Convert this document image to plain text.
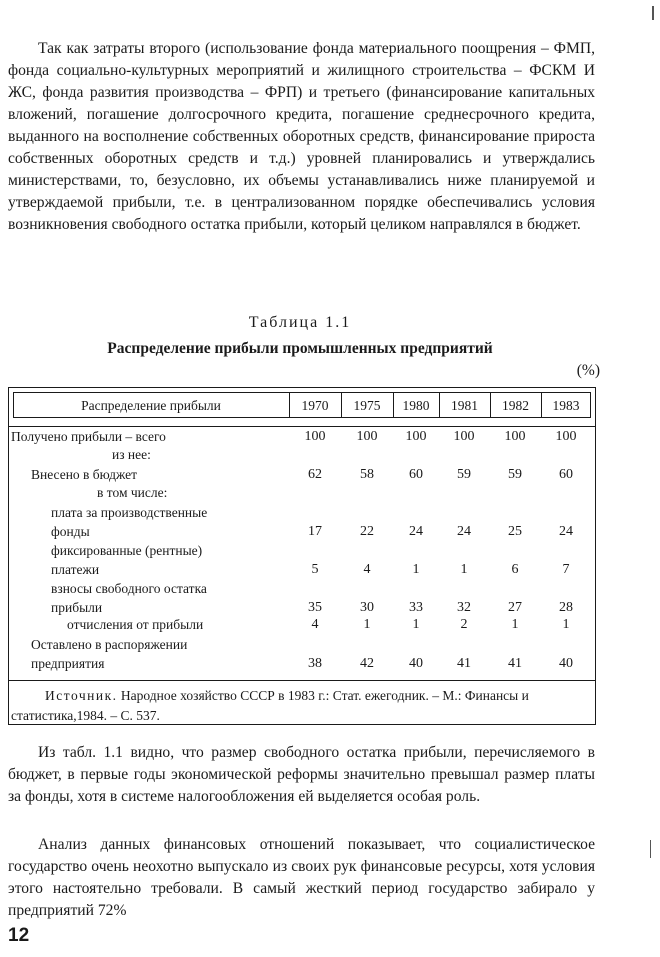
Так как затраты второго (использование фонда материального поощрения – ФМП, фонда социально-культурных мероприятий и жилищного строительства – ФСКМ И ЖС, фонда развития производства – ФРП) и третьего (финансирование капитальных вложений, погашение долгосрочного кредита, погашение среднесрочного кредита, выданного на восполнение собственных оборотных средств, финансирование прироста собственных оборотных средств и т.д.) уровней планировались и утверждались министерствами, то, безусловно, их объемы устанавливались ниже планируемой и утверждаемой прибыли, т.е. в централизованном порядке обеспечивались условия возникновения свободного остатка прибыли, который целиком направлялся в бюджет.

Таблица 1.1
Распределение прибыли промышленных предприятий
(%)
Распределение прибыли	1970	1975	1980	1981	1982	1983
Получено прибыли – всего	100	100	100	100	100	100
из нее:
Внесено в бюджет	62	58	60	59	59	60
в том числе:
плата за производственные
фонды	17	22	24	24	25	24
фиксированные (рентные)
платежи	5	4	1	1	6	7
взносы свободного остатка
прибыли	35	30	33	32	27	28
отчисления от прибыли	4	1	1	2	1	1
Оставлено в распоряжении
предприятия	38	42	40	41	41	40
Источник. Народное хозяйство СССР в 1983 г.: Стат. ежегодник. – М.: Финансы и статистика,1984. – С. 537.

Из табл. 1.1 видно, что размер свободного остатка прибыли, перечисляемого в бюджет, в первые годы экономической реформы значительно превышал размер платы за фонды, хотя в системе налогообложения ей выделяется особая роль.

Анализ данных финансовых отношений показывает, что социалистическое государство очень неохотно выпускало из своих рук финансовые ресурсы, хотя условия этого настоятельно требовали. В самый жесткий период государство забирало у предприятий 72%

12
